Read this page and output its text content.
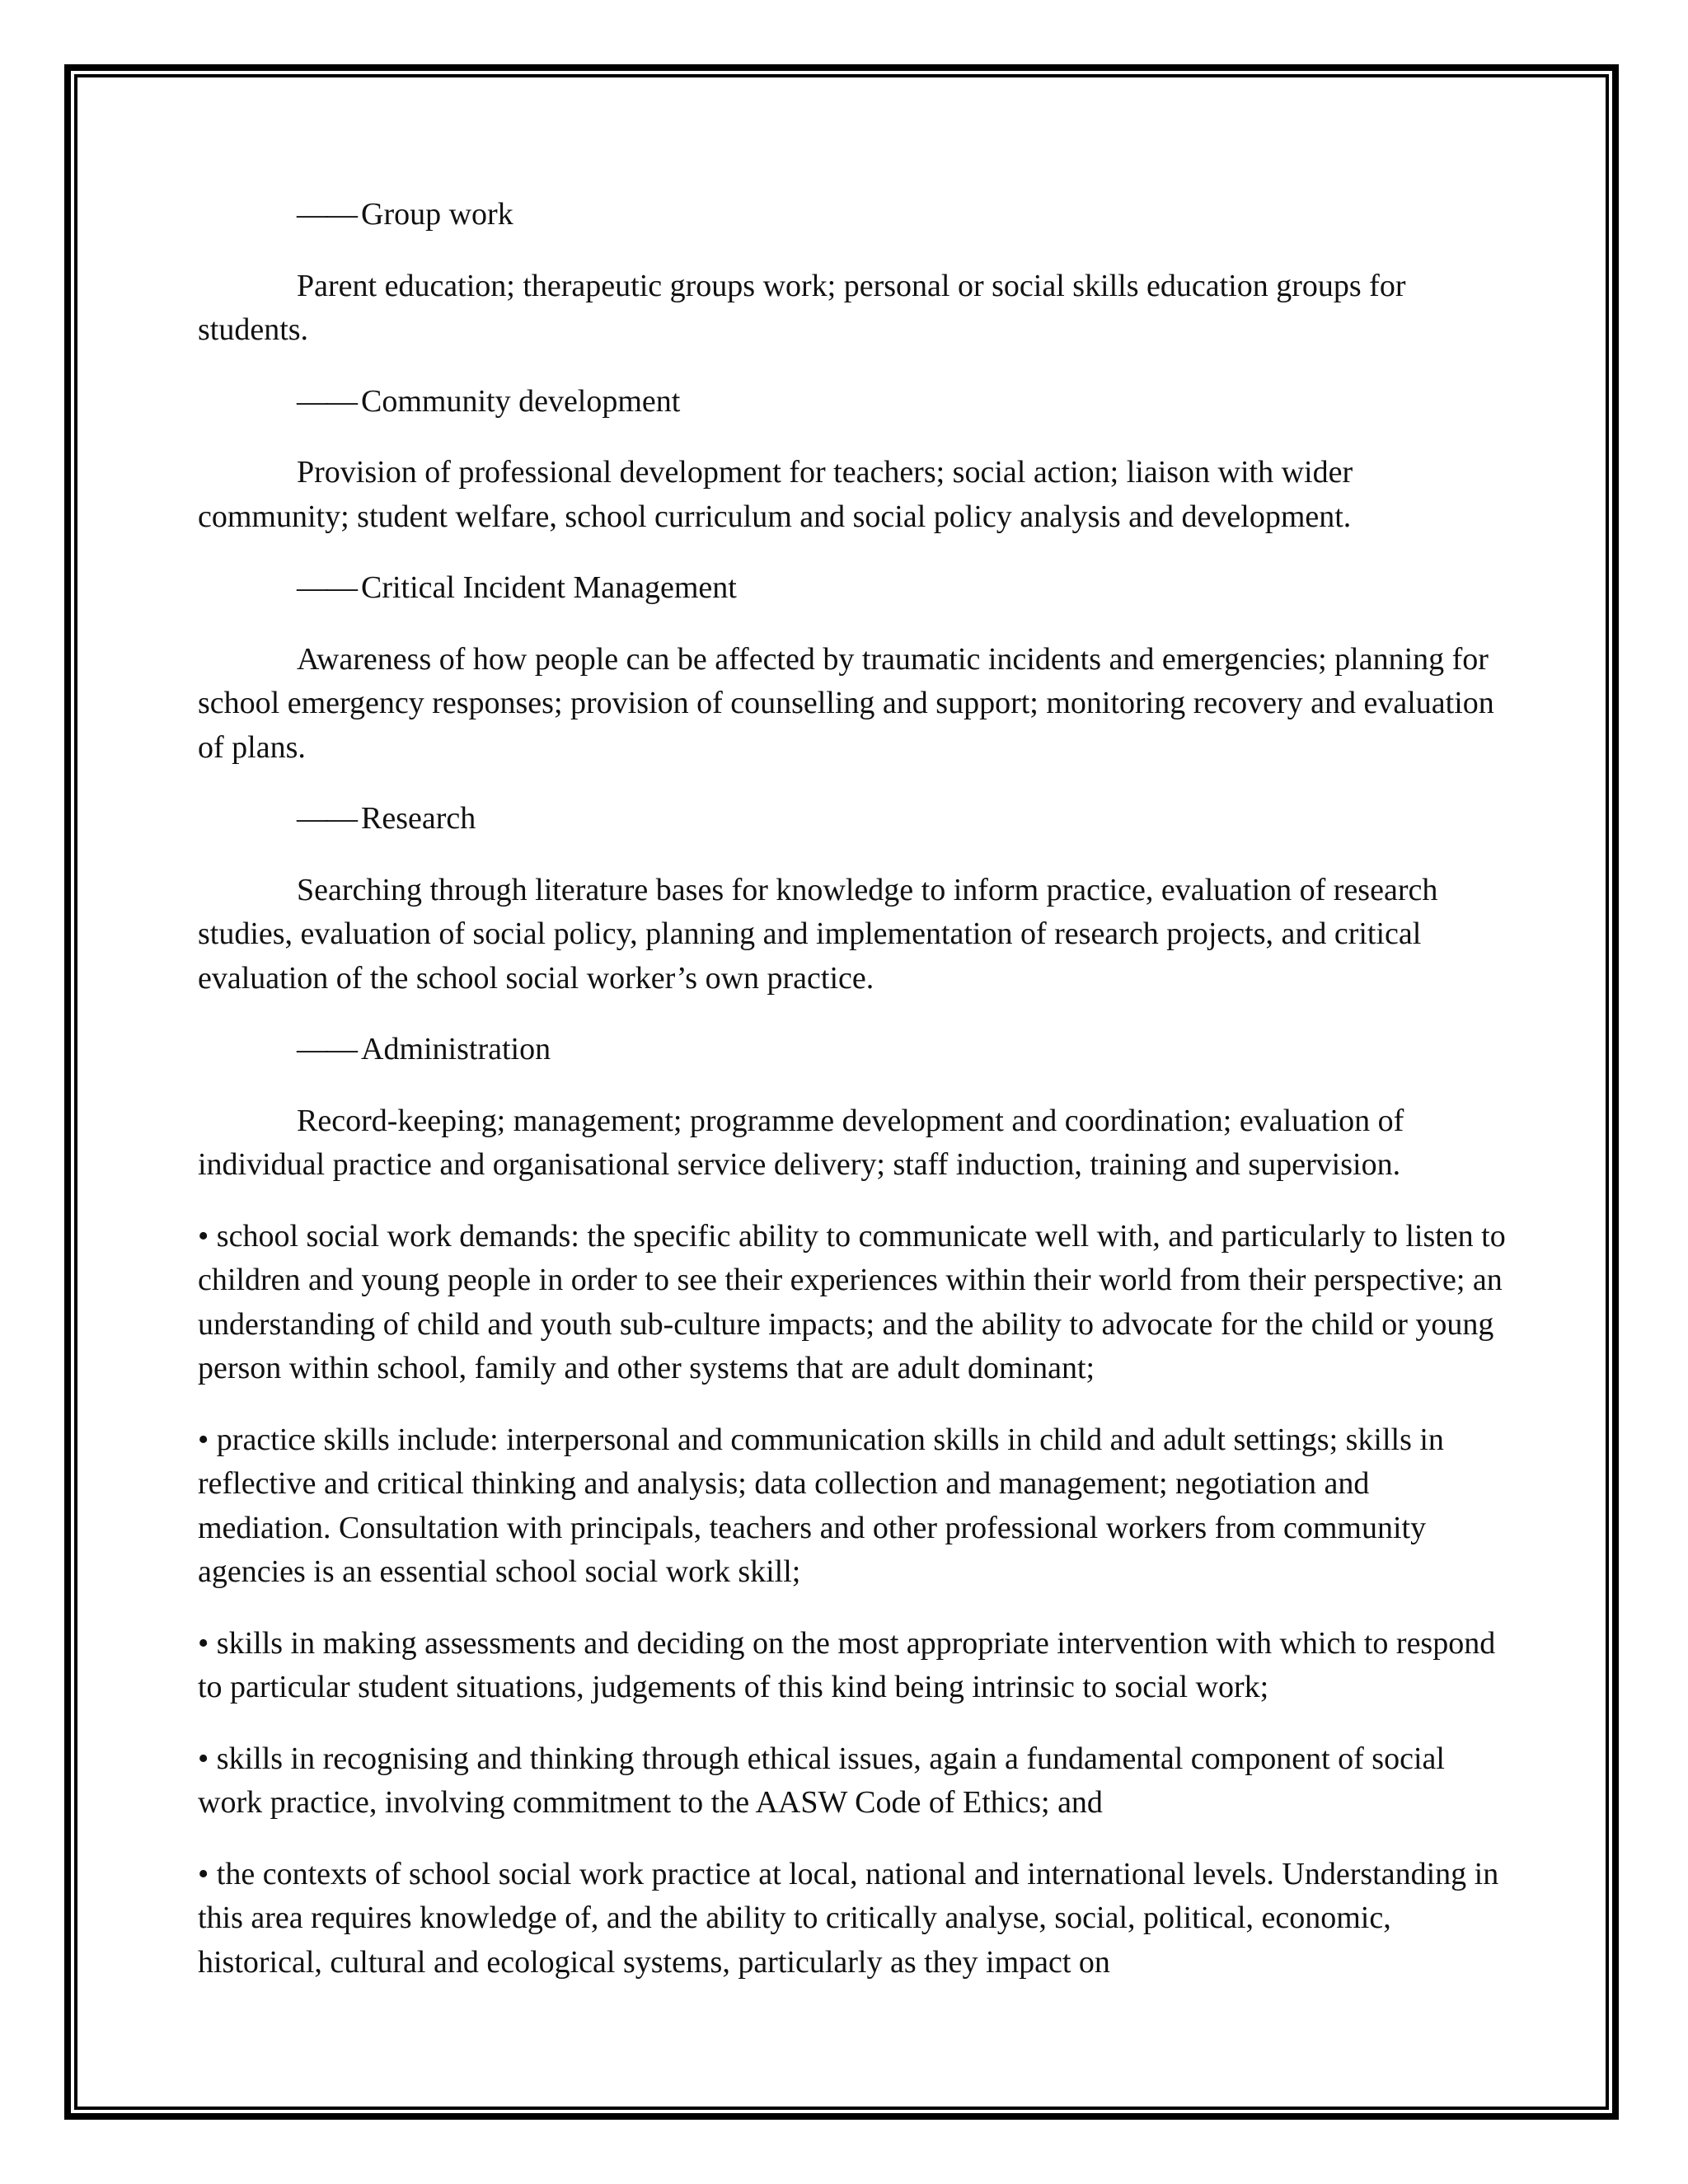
—— Group work

Parent education; therapeutic groups work; personal or social skills education groups for students.

—— Community development

Provision of professional development for teachers; social action; liaison with wider community; student welfare, school curriculum and social policy analysis and development.

—— Critical Incident Management

Awareness of how people can be affected by traumatic incidents and emergencies; planning for school emergency responses; provision of counselling and support; monitoring recovery and evaluation of plans.

—— Research

Searching through literature bases for knowledge to inform practice, evaluation of research studies, evaluation of social policy, planning and implementation of research projects, and critical evaluation of the school social worker’s own practice.

—— Administration

Record-keeping; management; programme development and coordination; evaluation of individual practice and organisational service delivery; staff induction, training and supervision.

• school social work demands: the specific ability to communicate well with, and particularly to listen to children and young people in order to see their experiences within their world from their perspective; an understanding of child and youth sub-culture impacts; and the ability to advocate for the child or young person within school, family and other systems that are adult dominant;

• practice skills include: interpersonal and communication skills in child and adult settings; skills in reflective and critical thinking and analysis; data collection and management; negotiation and mediation. Consultation with principals, teachers and other professional workers from community agencies is an essential school social work skill;

• skills in making assessments and deciding on the most appropriate intervention with which to respond to particular student situations, judgements of this kind being intrinsic to social work;

• skills in recognising and thinking through ethical issues, again a fundamental component of social work practice, involving commitment to the AASW Code of Ethics; and

• the contexts of school social work practice at local, national and international levels. Understanding in this area requires knowledge of, and the ability to critically analyse, social, political, economic, historical, cultural and ecological systems, particularly as they impact on
